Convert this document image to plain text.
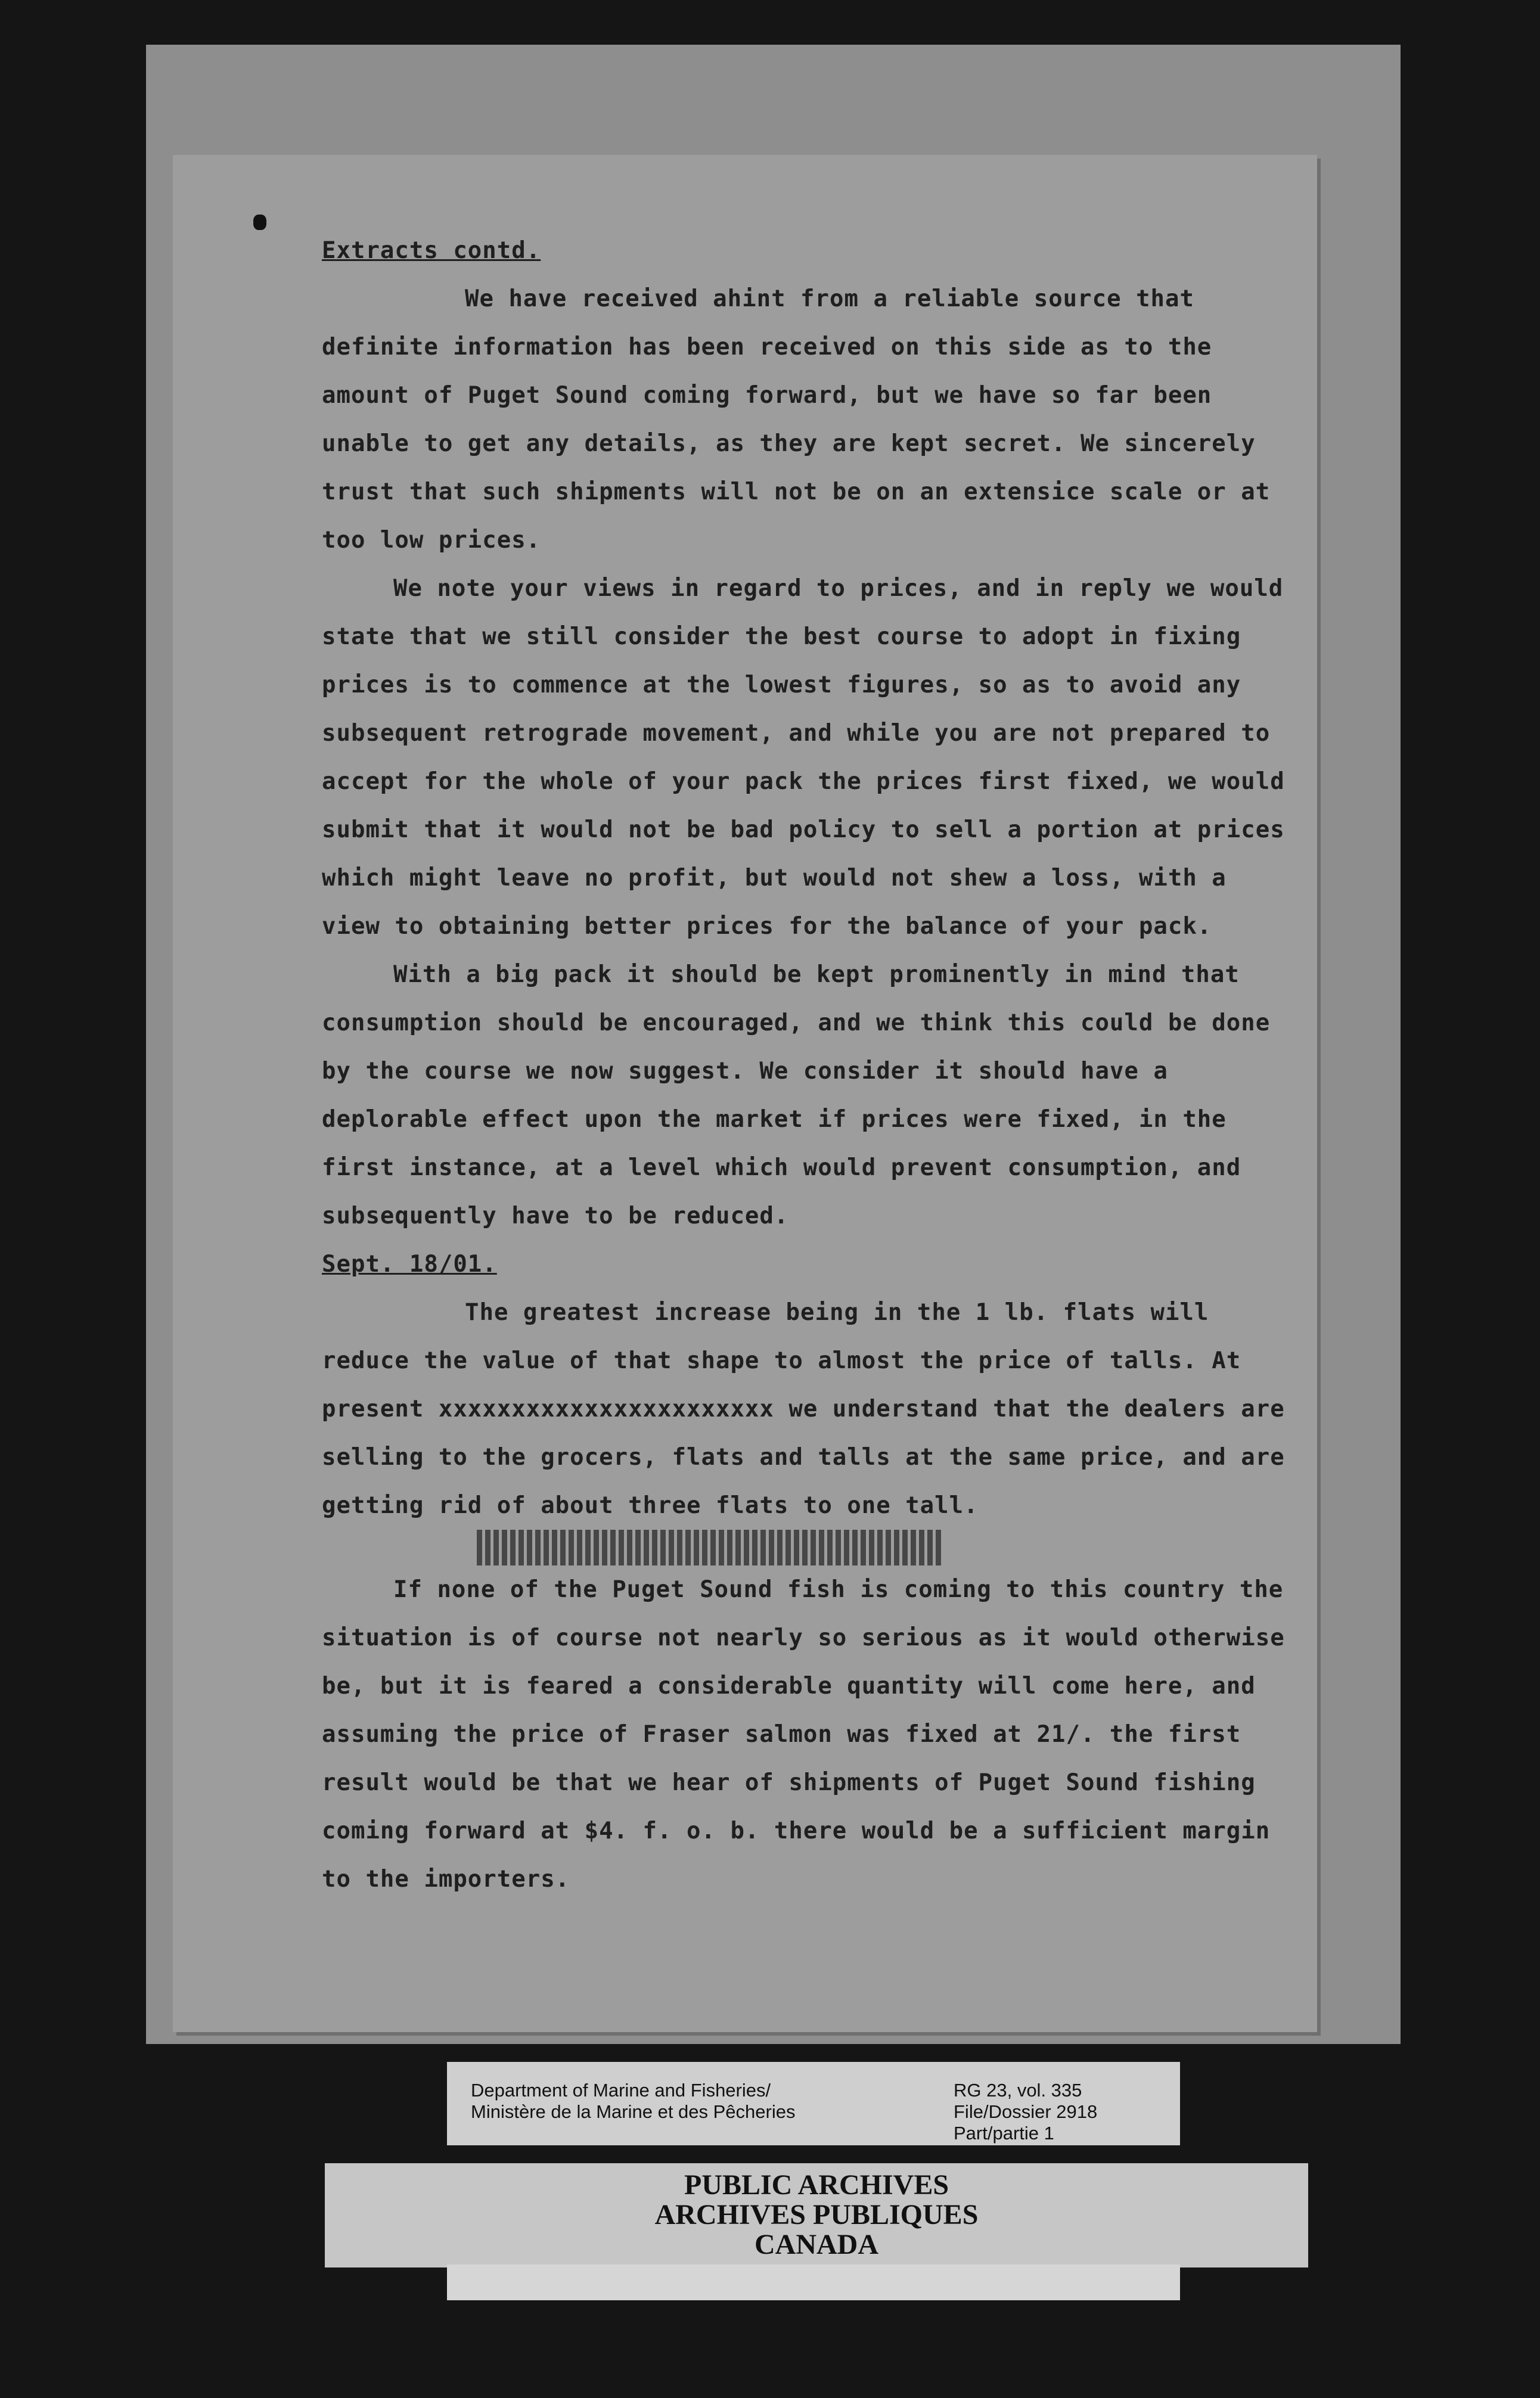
Extracts contd.

We have received ahint from a reliable source that definite information has been received on this side as to the amount of Puget Sound coming forward, but we have so far been unable to get any details, as they are kept secret. We sincerely trust that such shipments will not be on an extensice scale or at too low prices.

We note your views in regard to prices, and in reply we would state that we still consider the best course to adopt in fixing prices is to commence at the lowest figures, so as to avoid any subsequent retrograde movement, and while you are not prepared to accept for the whole of your pack the prices first fixed, we would submit that it would not be bad policy to sell a portion at prices which might leave no profit, but would not shew a loss, with a view to obtaining better prices for the balance of your pack.

With a big pack it should be kept prominently in mind that consumption should be encouraged, and we think this could be done by the course we now suggest. We consider it should have a deplorable effect upon the market if prices were fixed, in the first instance, at a level which would prevent consumption, and subsequently have to be reduced.

Sept. 18/01.

The greatest increase being in the 1 lb. flats will reduce the value of that shape to almost the price of talls. At present xxxxxxxxxxxxxxxxxxxxxxx we understand that the dealers are selling to the grocers, flats and talls at the same price, and are getting rid of about three flats to one tall.

If none of the Puget Sound fish is coming to this country the situation is of course not nearly so serious as it would otherwise be, but it is feared a considerable quantity will come here, and assuming the price of Fraser salmon was fixed at 21/. the first result would be that we hear of shipments of Puget Sound fishing coming forward at $4. f. o. b. there would be a sufficient margin to the importers.

Department of Marine and Fisheries/
Ministère de la Marine et des Pêcheries
RG 23, vol. 335
File/Dossier 2918
Part/partie 1
PUBLIC ARCHIVES
ARCHIVES PUBLIQUES
CANADA
